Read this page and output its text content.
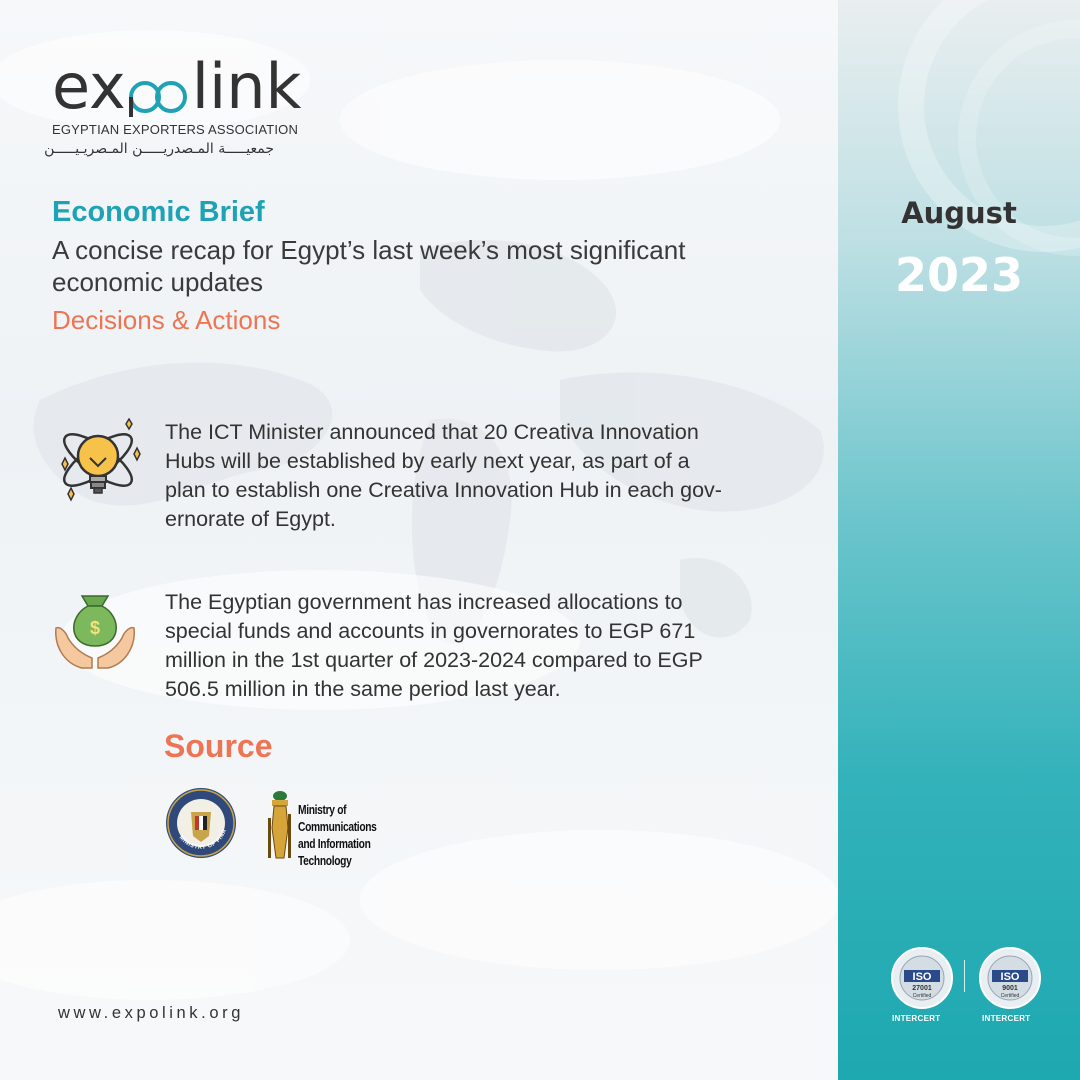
ex link
EGYPTIAN EXPORTERS ASSOCIATION
جمعيـــــة المـصدريـــــن المـصريـيـــــن
Economic Brief
A concise recap for Egypt’s last week’s most significant economic updates
Decisions & Actions
August
2023
The ICT Minister announced that 20 Creativa Innovation
Hubs will be established by early next year, as part of a
plan to establish one Creativa Innovation Hub in each gov-
ernorate of Egypt.
$
The Egyptian government has increased allocations to
special funds and accounts in governorates to EGP 671
million in the 1st quarter of 2023-2024 compared to EGP
506.5 million in the same period last year.
Source
MINISTRY OF FINA
Ministry of Communications
and Information Technology
www.expolink.org
ISO
27001
Certified
INTERCERT
ISO
9001
Certified
INTERCERT
